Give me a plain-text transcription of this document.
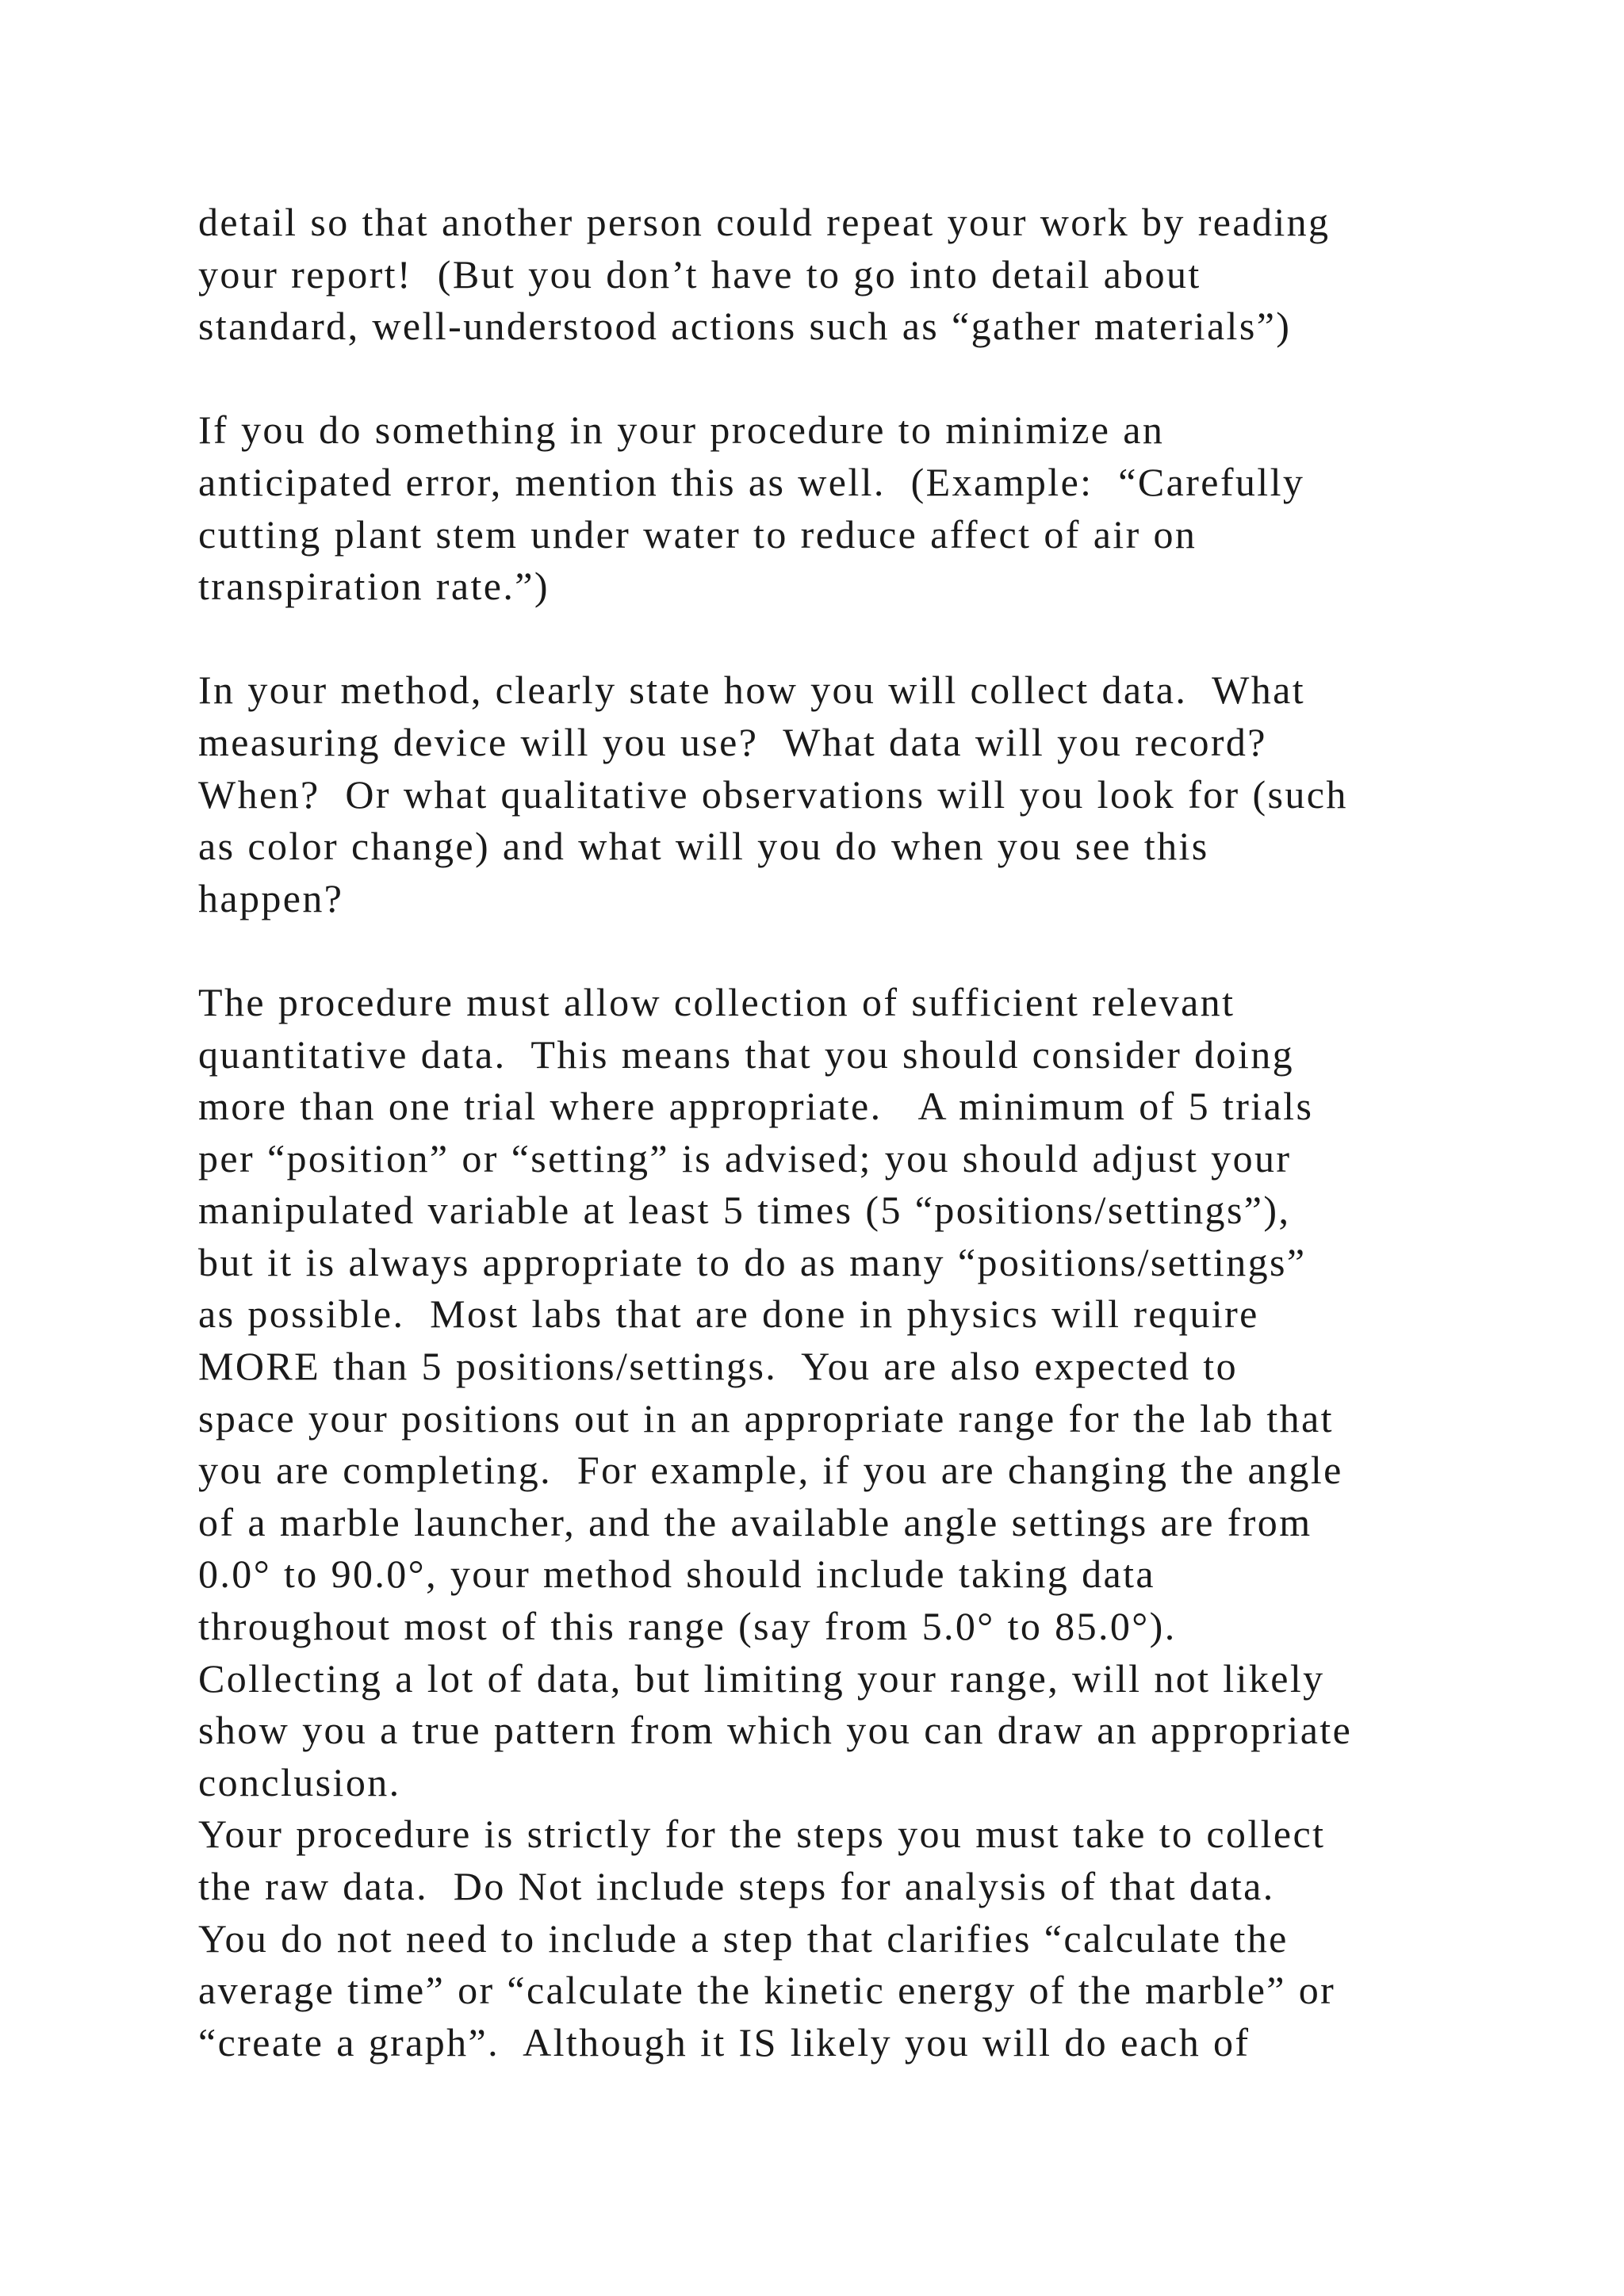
detail so that another person could repeat your work by reading
your report!  (But you don’t have to go into detail about
standard, well-understood actions such as “gather materials”)
If you do something in your procedure to minimize an
anticipated error, mention this as well.  (Example:  “Carefully
cutting plant stem under water to reduce affect of air on
transpiration rate.”)
In your method, clearly state how you will collect data.  What
measuring device will you use?  What data will you record?
When?  Or what qualitative observations will you look for (such
as color change) and what will you do when you see this
happen?
The procedure must allow collection of sufficient relevant
quantitative data.  This means that you should consider doing
more than one trial where appropriate.   A minimum of 5 trials
per “position” or “setting” is advised; you should adjust your
manipulated variable at least 5 times (5 “positions/settings”),
but it is always appropriate to do as many “positions/settings”
as possible.  Most labs that are done in physics will require
MORE than 5 positions/settings.  You are also expected to
space your positions out in an appropriate range for the lab that
you are completing.  For example, if you are changing the angle
of a marble launcher, and the available angle settings are from
0.0° to 90.0°, your method should include taking data
throughout most of this range (say from 5.0° to 85.0°).
Collecting a lot of data, but limiting your range, will not likely
show you a true pattern from which you can draw an appropriate
conclusion.
Your procedure is strictly for the steps you must take to collect
the raw data.  Do Not include steps for analysis of that data.
You do not need to include a step that clarifies “calculate the
average time” or “calculate the kinetic energy of the marble” or
“create a graph”.  Although it IS likely you will do each of
